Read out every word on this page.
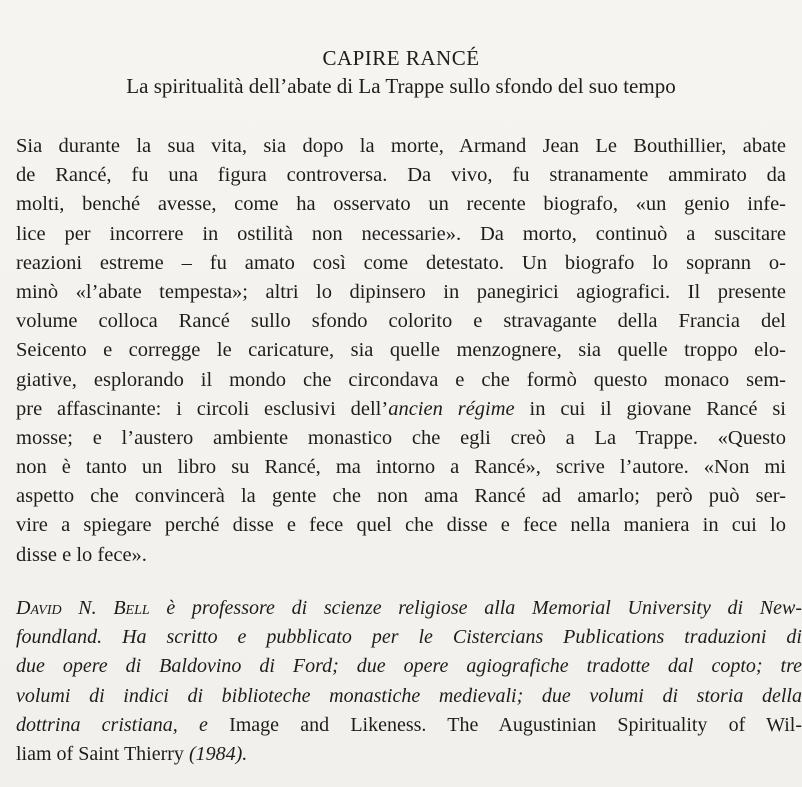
CAPIRE RANCÉ
La spiritualità dell’abate di La Trappe sullo sfondo del suo tempo
Sia durante la sua vita, sia dopo la morte, Armand Jean Le Bouthillier, abate
de Rancé, fu una figura controversa. Da vivo, fu stranamente ammirato da
molti, benché avesse, come ha osservato un recente biografo, «un genio infe-
lice per incorrere in ostilità non necessarie». Da morto, continuò a suscitare
reazioni estreme – fu amato così come detestato. Un biografo lo soprann o-
minò «l’abate tempesta»; altri lo dipinsero in panegirici agiografici. Il presente
volume colloca Rancé sullo sfondo colorito e stravagante della Francia del
Seicento e corregge le caricature, sia quelle menzognere, sia quelle troppo elo-
giative, esplorando il mondo che circondava e che formò questo monaco sem-
pre affascinante: i circoli esclusivi dell’ancien régime in cui il giovane Rancé si
mosse; e l’austero ambiente monastico che egli creò a La Trappe. «Questo
non è tanto un libro su Rancé, ma intorno a Rancé», scrive l’autore. «Non mi
aspetto che convincerà la gente che non ama Rancé ad amarlo; però può ser-
vire a spiegare perché disse e fece quel che disse e fece nella maniera in cui lo
disse e lo fece».
David N. Bell è professore di scienze religiose alla Memorial University di New-
foundland. Ha scritto e pubblicato per le Cistercians Publications traduzioni di
due opere di Baldovino di Ford; due opere agiografiche tradotte dal copto; tre
volumi di indici di biblioteche monastiche medievali; due volumi di storia della
dottrina cristiana, e Image and Likeness. The Augustinian Spirituality of Wil-
liam of Saint Thierry (1984).
